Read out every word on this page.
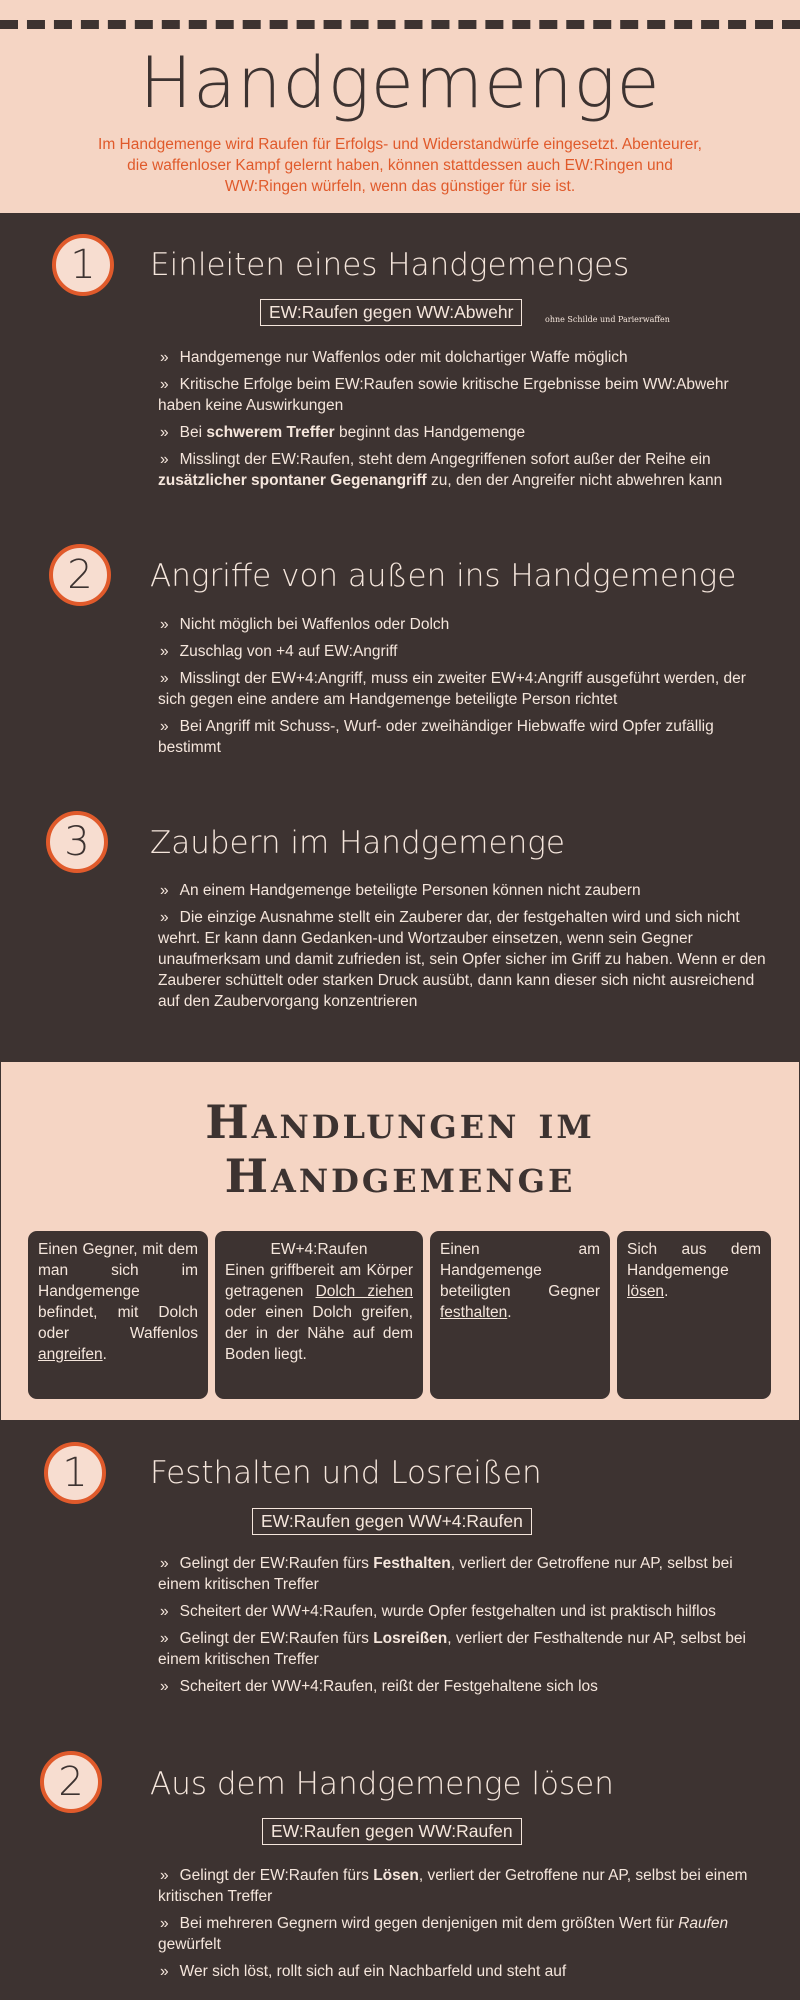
Handgemenge

Im Handgemenge wird Raufen für Erfolgs- und Widerstandwürfe eingesetzt. Abenteurer, die waffenloser Kampf gelernt haben, können stattdessen auch EW:Ringen und WW:Ringen würfeln, wenn das günstiger für sie ist.

1	Einleiten eines Handgemenges
EW:Raufen gegen WW:Abwehr	ohne Schilde und Parierwaffen
» Handgemenge nur Waffenlos oder mit dolchartiger Waffe möglich
» Kritische Erfolge beim EW:Raufen sowie kritische Ergebnisse beim WW:Abwehr haben keine Auswirkungen
» Bei schwerem Treffer beginnt das Handgemenge
» Misslingt der EW:Raufen, steht dem Angegriffenen sofort außer der Reihe ein zusätzlicher spontaner Gegenangriff zu, den der Angreifer nicht abwehren kann
2	Angriffe von außen ins Handgemenge
» Nicht möglich bei Waffenlos oder Dolch
» Zuschlag von +4 auf EW:Angriff
» Misslingt der EW+4:Angriff, muss ein zweiter EW+4:Angriff ausgeführt werden, der sich gegen eine andere am Handgemenge beteiligte Person richtet
» Bei Angriff mit Schuss-, Wurf- oder zweihändiger Hiebwaffe wird Opfer zufällig bestimmt
3	Zaubern im Handgemenge
» An einem Handgemenge beteiligte Personen können nicht zaubern
» Die einzige Ausnahme stellt ein Zauberer dar, der festgehalten wird und sich nicht wehrt. Er kann dann Gedanken-und Wortzauber einsetzen, wenn sein Gegner unaufmerksam und damit zufrieden ist, sein Opfer sicher im Griff zu haben. Wenn er den Zauberer schüttelt oder starken Druck ausübt, dann kann dieser sich nicht ausreichend auf den Zaubervorgang konzentrieren
Handlungen im
Handgemenge
Einen Gegner, mit dem man sich im Handgemenge befindet, mit Dolch oder Waffenlos angreifen.
EW+4:Raufen
Einen griffbereit am Körper getragenen Dolch ziehen oder einen Dolch greifen, der in der Nähe auf dem Boden liegt.
Einen am Handgemenge beteiligten Gegner festhalten.
Sich aus dem Handgemenge lösen.
1	Festhalten und Losreißen
EW:Raufen gegen WW+4:Raufen
» Gelingt der EW:Raufen fürs Festhalten, verliert der Getroffene nur AP, selbst bei einem kritischen Treffer
» Scheitert der WW+4:Raufen, wurde Opfer festgehalten und ist praktisch hilflos
» Gelingt der EW:Raufen fürs Losreißen, verliert der Festhaltende nur AP, selbst bei einem kritischen Treffer
» Scheitert der WW+4:Raufen, reißt der Festgehaltene sich los
2	Aus dem Handgemenge lösen
EW:Raufen gegen WW:Raufen
» Gelingt der EW:Raufen fürs Lösen, verliert der Getroffene nur AP, selbst bei einem kritischen Treffer
» Bei mehreren Gegnern wird gegen denjenigen mit dem größten Wert für Raufen gewürfelt
» Wer sich löst, rollt sich auf ein Nachbarfeld und steht auf
